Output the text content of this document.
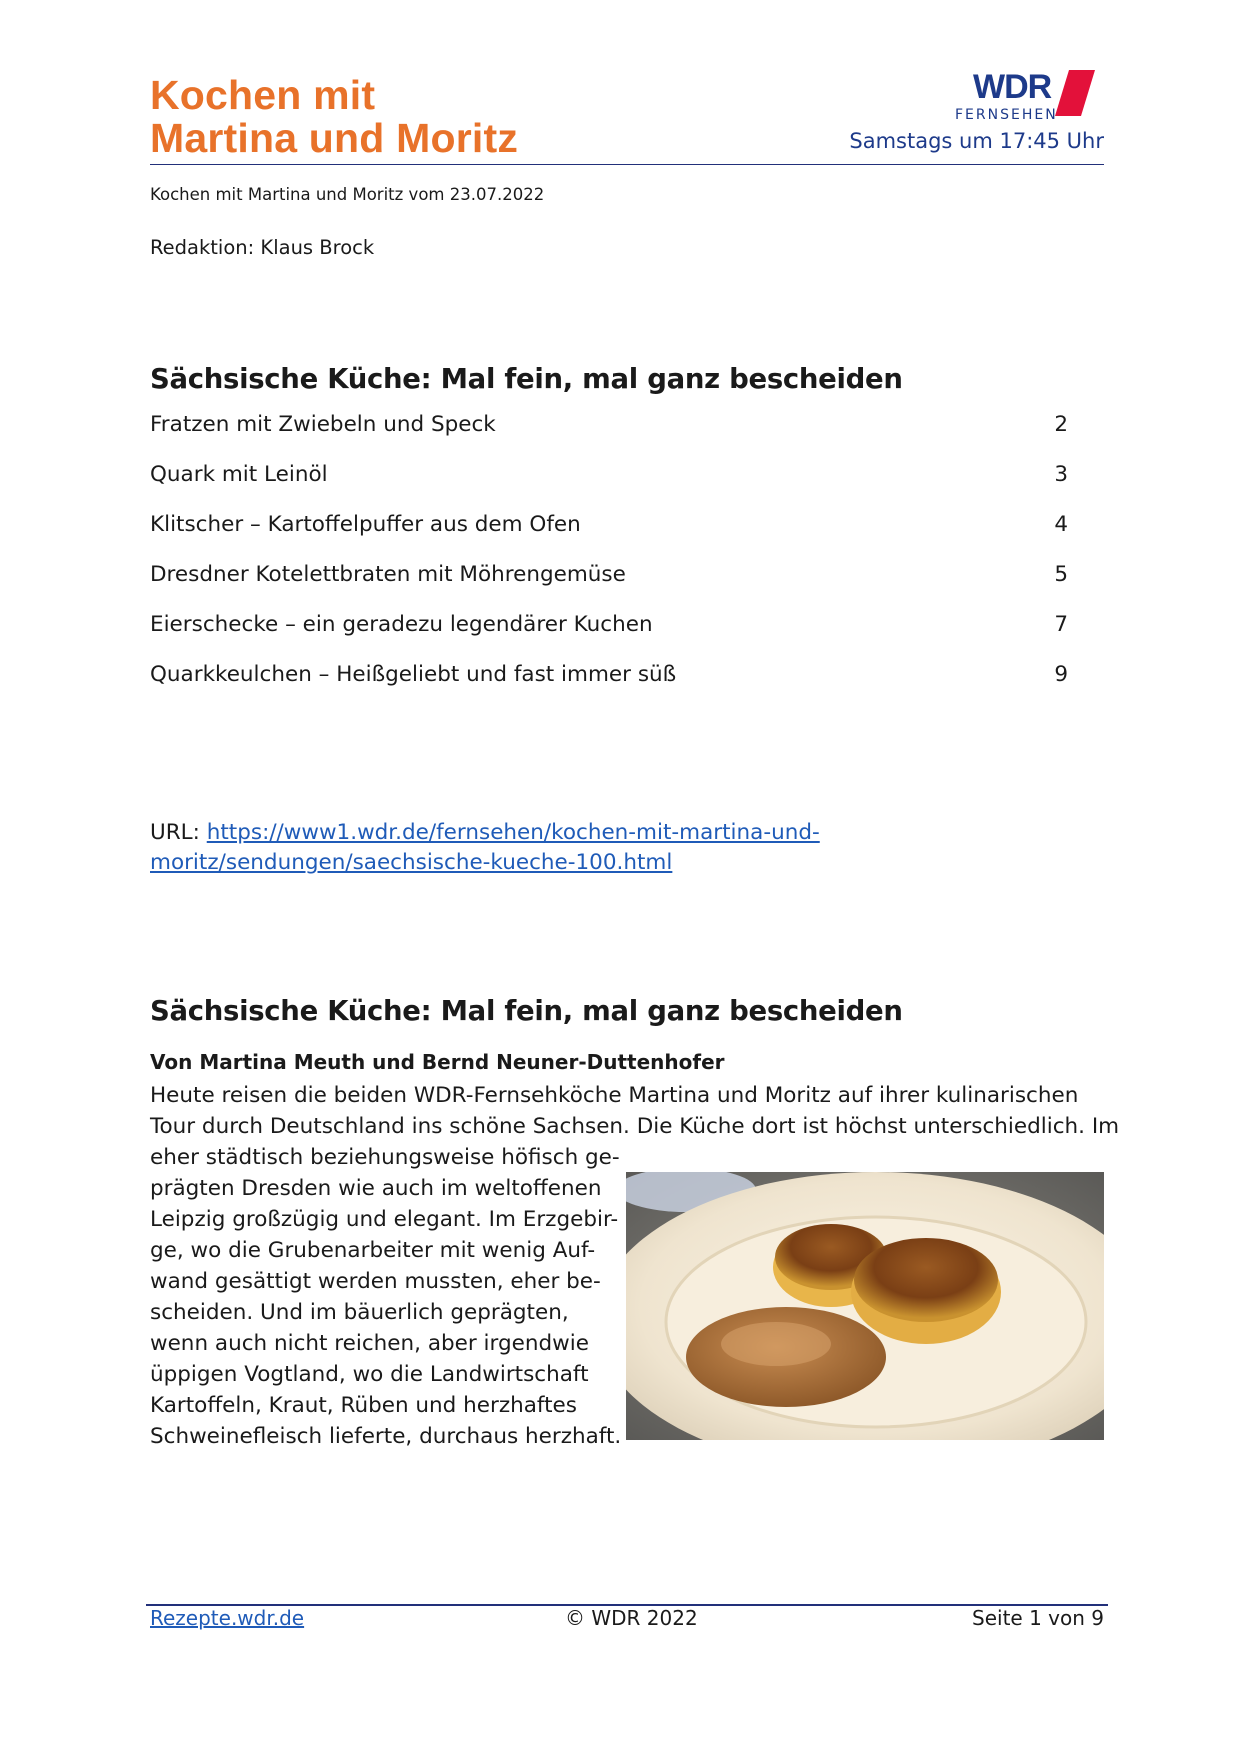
Kochen mit
Martina und Moritz
WDR
FERNSEHEN
Samstags um 17:45 Uhr
Kochen mit Martina und Moritz vom 23.07.2022
Redaktion: Klaus Brock
Sächsische Küche: Mal fein, mal ganz bescheiden
Fratzen mit Zwiebeln und Speck	2
Quark mit Leinöl	3
Klitscher – Kartoffelpuffer aus dem Ofen	4
Dresdner Kotelettbraten mit Möhrengemüse	5
Eierschecke – ein geradezu legendärer Kuchen	7
Quarkkeulchen – Heißgeliebt und fast immer süß	9
URL: https://www1.wdr.de/fernsehen/kochen-mit-martina-und-
moritz/sendungen/saechsische-kueche-100.html
Sächsische Küche: Mal fein, mal ganz bescheiden
Von Martina Meuth und Bernd Neuner-Duttenhofer
Heute reisen die beiden WDR-Fernsehköche Martina und Moritz auf ihrer kulinarischen
Tour durch Deutschland ins schöne Sachsen. Die Küche dort ist höchst unterschiedlich. Im
eher städtisch beziehungsweise höfisch ge-
prägten Dresden wie auch im weltoffenen
Leipzig großzügig und elegant. Im Erzgebir-
ge, wo die Grubenarbeiter mit wenig Auf-
wand gesättigt werden mussten, eher be-
scheiden. Und im bäuerlich geprägten,
wenn auch nicht reichen, aber irgendwie
üppigen Vogtland, wo die Landwirtschaft
Kartoffeln, Kraut, Rüben und herzhaftes
Schweinefleisch lieferte, durchaus herzhaft.
Rezepte.wdr.de	© WDR 2022	Seite 1 von 9
